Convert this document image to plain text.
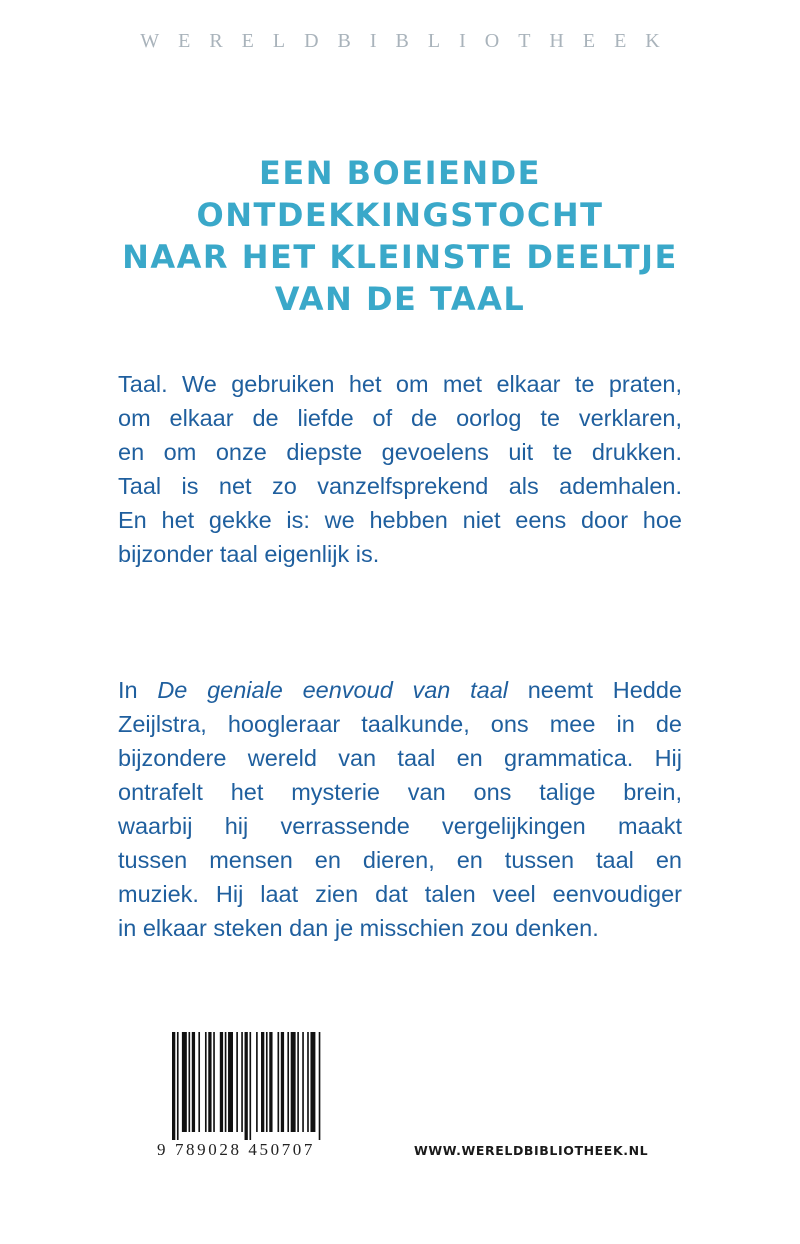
WERELDBIBLIOTHEEK
EEN BOEIENDE
ONTDEKKINGSTOCHT
NAAR HET KLEINSTE DEELTJE
VAN DE TAAL
Taal. We gebruiken het om met elkaar te praten,
om elkaar de liefde of de oorlog te verklaren,
en om onze diepste gevoelens uit te drukken.
Taal is net zo vanzelfsprekend als ademhalen.
En het gekke is: we hebben niet eens door hoe
bijzonder taal eigenlijk is.
In De geniale eenvoud van taal neemt Hedde
Zeijlstra, hoogleraar taalkunde, ons mee in de
bijzondere wereld van taal en grammatica. Hij
ontrafelt het mysterie van ons talige brein,
waarbij hij verrassende vergelijkingen maakt
tussen mensen en dieren, en tussen taal en
muziek. Hij laat zien dat talen veel eenvoudiger
in elkaar steken dan je misschien zou denken.
9 789028 450707	WWW.WERELDBIBLIOTHEEK.NL
